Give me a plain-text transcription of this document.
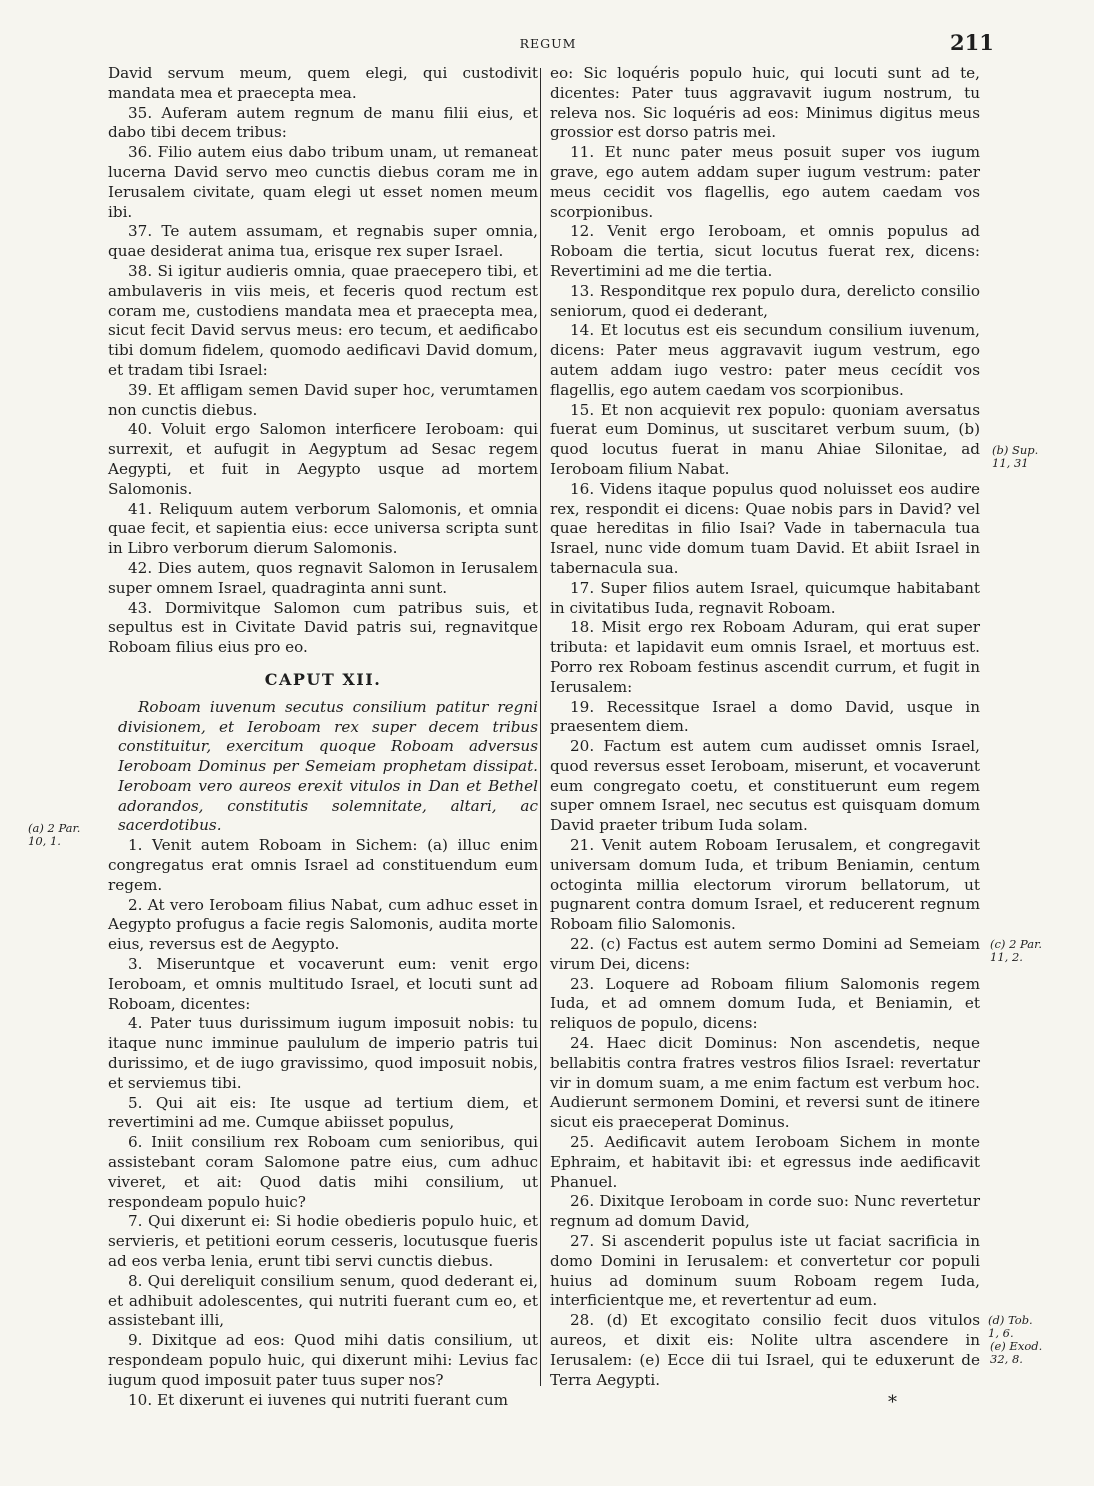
REGUM	211

David servum meum, quem elegi, qui custodivit mandata mea et praecepta mea.

35. Auferam autem regnum de manu filii eius, et dabo tibi decem tribus:

36. Filio autem eius dabo tribum unam, ut remaneat lucerna David servo meo cunctis diebus coram me in Ierusalem civitate, quam elegi ut esset nomen meum ibi.

37. Te autem assumam, et regnabis super omnia, quae desiderat anima tua, erisque rex super Israel.

38. Si igitur audieris omnia, quae praecepero tibi, et ambulaveris in viis meis, et feceris quod rectum est coram me, custodiens mandata mea et praecepta mea, sicut fecit David servus meus: ero tecum, et aedificabo tibi domum fidelem, quomodo aedificavi David domum, et tradam tibi Israel:

39. Et affligam semen David super hoc, verumtamen non cunctis diebus.

40. Voluit ergo Salomon interficere Ieroboam: qui surrexit, et aufugit in Aegyptum ad Sesac regem Aegypti, et fuit in Aegypto usque ad mortem Salomonis.

41. Reliquum autem verborum Salomonis, et omnia quae fecit, et sapientia eius: ecce universa scripta sunt in Libro verborum dierum Salomonis.

42. Dies autem, quos regnavit Salomon in Ierusalem super omnem Israel, quadraginta anni sunt.

43. Dormivitque Salomon cum patribus suis, et sepultus est in Civitate David patris sui, regnavitque Roboam filius eius pro eo.

CAPUT XII.

Roboam iuvenum secutus consilium patitur regni divisionem, et Ieroboam rex super decem tribus constituitur, exercitum quoque Roboam adversus Ieroboam Dominus per Semeiam prophetam dissipat. Ieroboam vero aureos erexit vitulos in Dan et Bethel adorandos, constitutis solemnitate, altari, ac sacerdotibus.

1. Venit autem Roboam in Sichem: (a) illuc enim congregatus erat omnis Israel ad constituendum eum regem.

2. At vero Ieroboam filius Nabat, cum adhuc esset in Aegypto profugus a facie regis Salomonis, audita morte eius, reversus est de Aegypto.

3. Miseruntque et vocaverunt eum: venit ergo Ieroboam, et omnis multitudo Israel, et locuti sunt ad Roboam, dicentes:

4. Pater tuus durissimum iugum imposuit nobis: tu itaque nunc imminue paululum de imperio patris tui durissimo, et de iugo gravissimo, quod imposuit nobis, et serviemus tibi.

5. Qui ait eis: Ite usque ad tertium diem, et revertimini ad me. Cumque abiisset populus,

6. Iniit consilium rex Roboam cum senioribus, qui assistebant coram Salomone patre eius, cum adhuc viveret, et ait: Quod datis mihi consilium, ut respondeam populo huic?

7. Qui dixerunt ei: Si hodie obedieris populo huic, et servieris, et petitioni eorum cesseris, locutusque fueris ad eos verba lenia, erunt tibi servi cunctis diebus.

8. Qui dereliquit consilium senum, quod dederant ei, et adhibuit adolescentes, qui nutriti fuerant cum eo, et assistebant illi,

9. Dixitque ad eos: Quod mihi datis consilium, ut respondeam populo huic, qui dixerunt mihi: Levius fac iugum quod imposuit pater tuus super nos?

10. Et dixerunt ei iuvenes qui nutriti fuerant cum

eo: Sic loquéris populo huic, qui locuti sunt ad te, dicentes: Pater tuus aggravavit iugum nostrum, tu releva nos. Sic loquéris ad eos: Minimus digitus meus grossior est dorso patris mei.

11. Et nunc pater meus posuit super vos iugum grave, ego autem addam super iugum vestrum: pater meus cecidit vos flagellis, ego autem caedam vos scorpionibus.

12. Venit ergo Ieroboam, et omnis populus ad Roboam die tertia, sicut locutus fuerat rex, dicens: Revertimini ad me die tertia.

13. Responditque rex populo dura, derelicto consilio seniorum, quod ei dederant,

14. Et locutus est eis secundum consilium iuvenum, dicens: Pater meus aggravavit iugum vestrum, ego autem addam iugo vestro: pater meus cecídit vos flagellis, ego autem caedam vos scorpionibus.

15. Et non acquievit rex populo: quoniam aversatus fuerat eum Dominus, ut suscitaret verbum suum, (b) quod locutus fuerat in manu Ahiae Silonitae, ad Ieroboam filium Nabat.

16. Videns itaque populus quod noluisset eos audire rex, respondit ei dicens: Quae nobis pars in David? vel quae hereditas in filio Isai? Vade in tabernacula tua Israel, nunc vide domum tuam David. Et abiit Israel in tabernacula sua.

17. Super filios autem Israel, quicumque habitabant in civitatibus Iuda, regnavit Roboam.

18. Misit ergo rex Roboam Aduram, qui erat super tributa: et lapidavit eum omnis Israel, et mortuus est. Porro rex Roboam festinus ascendit currum, et fugit in Ierusalem:

19. Recessitque Israel a domo David, usque in praesentem diem.

20. Factum est autem cum audisset omnis Israel, quod reversus esset Ieroboam, miserunt, et vocaverunt eum congregato coetu, et constituerunt eum regem super omnem Israel, nec secutus est quisquam domum David praeter tribum Iuda solam.

21. Venit autem Roboam Ierusalem, et congregavit universam domum Iuda, et tribum Beniamin, centum octoginta millia electorum virorum bellatorum, ut pugnarent contra domum Israel, et reducerent regnum Roboam filio Salomonis.

22. (c) Factus est autem sermo Domini ad Semeiam virum Dei, dicens:

23. Loquere ad Roboam filium Salomonis regem Iuda, et ad omnem domum Iuda, et Beniamin, et reliquos de populo, dicens:

24. Haec dicit Dominus: Non ascendetis, neque bellabitis contra fratres vestros filios Israel: revertatur vir in domum suam, a me enim factum est verbum hoc. Audierunt sermonem Domini, et reversi sunt de itinere sicut eis praeceperat Dominus.

25. Aedificavit autem Ieroboam Sichem in monte Ephraim, et habitavit ibi: et egressus inde aedificavit Phanuel.

26. Dixitque Ieroboam in corde suo: Nunc revertetur regnum ad domum David,

27. Si ascenderit populus iste ut faciat sacrificia in domo Domini in Ierusalem: et convertetur cor populi huius ad dominum suum Roboam regem Iuda, interficientque me, et revertentur ad eum.

28. (d) Et excogitato consilio fecit duos vitulos aureos, et dixit eis: Nolite ultra ascendere in Ierusalem: (e) Ecce dii tui Israel, qui te eduxerunt de Terra Aegypti.

(a) 2 Par.
10, 1.
(b) Sup.
11, 31
(c) 2 Par.
11, 2.
(d) Tob.
1, 6.
(e) Exod.
32, 8.
*
